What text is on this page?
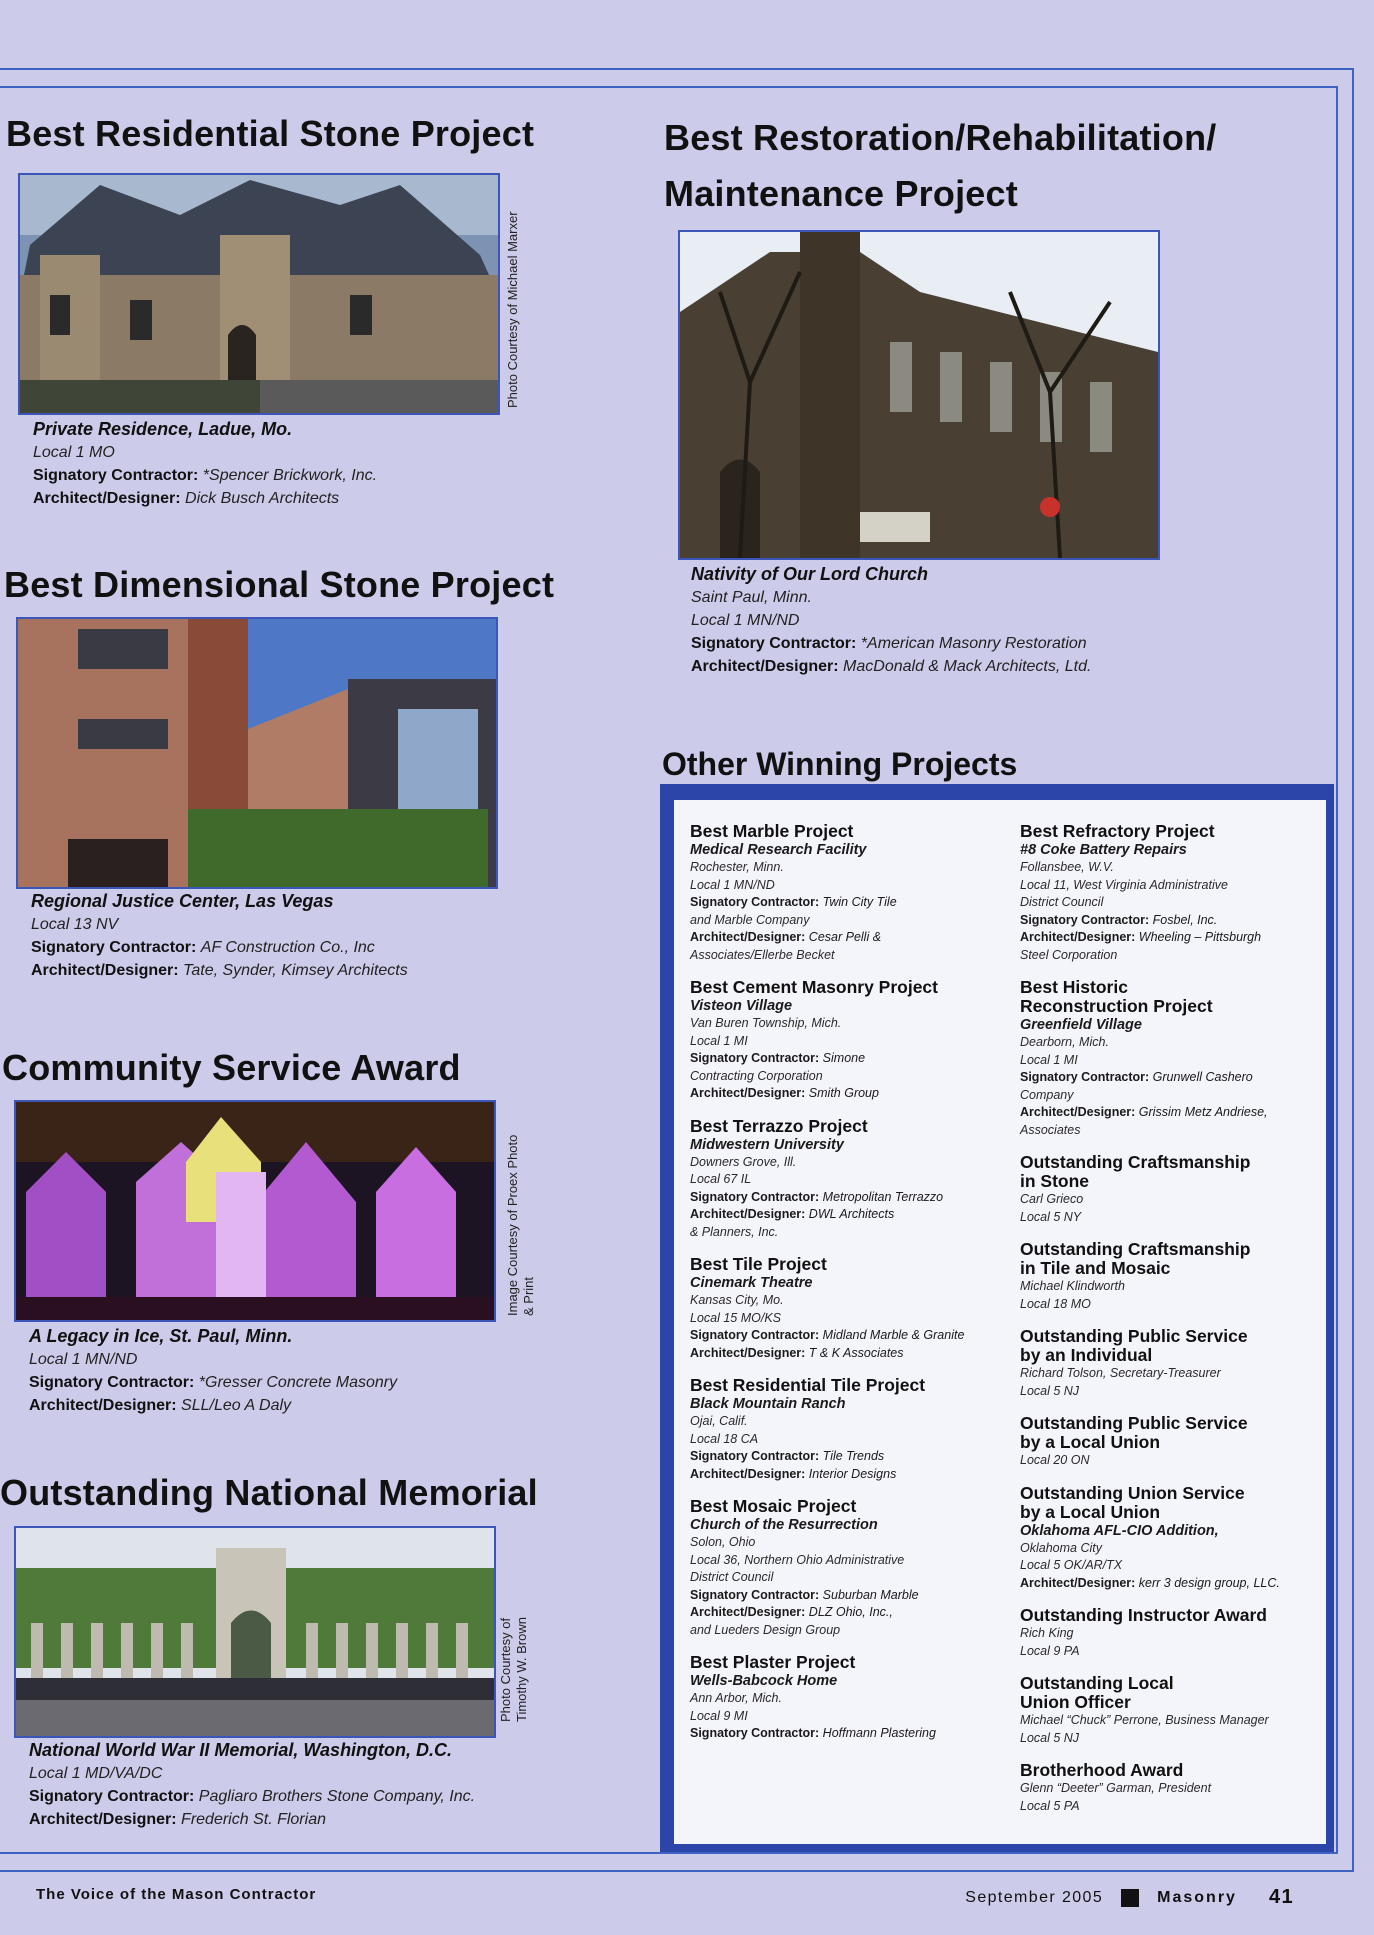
Best Residential Stone Project
Photo Courtesy of Michael Marxer
Private Residence, Ladue, Mo.
Local 1 MO
Signatory Contractor: *Spencer Brickwork, Inc.
Architect/Designer: Dick Busch Architects
Best Dimensional Stone Project
Regional Justice Center, Las Vegas
Local 13 NV
Signatory Contractor: AF Construction Co., Inc
Architect/Designer: Tate, Synder, Kimsey Architects
Community Service Award
Image Courtesy of Proex Photo & Print
A Legacy in Ice, St. Paul, Minn.
Local 1 MN/ND
Signatory Contractor: *Gresser Concrete Masonry
Architect/Designer: SLL/Leo A Daly
Outstanding National Memorial
Photo Courtesy of Timothy W. Brown
National World War II Memorial, Washington, D.C.
Local 1 MD/VA/DC
Signatory Contractor: Pagliaro Brothers Stone Company, Inc.
Architect/Designer: Frederich St. Florian
Best Restoration/Rehabilitation/
Maintenance Project
Nativity of Our Lord Church
Saint Paul, Minn.
Local 1 MN/ND
Signatory Contractor: *American Masonry Restoration
Architect/Designer: MacDonald & Mack Architects, Ltd.
Other Winning Projects
Best Marble Project
Medical Research Facility
Rochester, Minn.
Local 1 MN/ND
Signatory Contractor: Twin City Tile
and Marble Company
Architect/Designer: Cesar Pelli &
Associates/Ellerbe Becket
Best Cement Masonry Project
Visteon Village
Van Buren Township, Mich.
Local 1 MI
Signatory Contractor: Simone
Contracting Corporation
Architect/Designer: Smith Group
Best Terrazzo Project
Midwestern University
Downers Grove, Ill.
Local 67 IL
Signatory Contractor: Metropolitan Terrazzo
Architect/Designer: DWL Architects
& Planners, Inc.
Best Tile Project
Cinemark Theatre
Kansas City, Mo.
Local 15 MO/KS
Signatory Contractor: Midland Marble & Granite
Architect/Designer: T & K Associates
Best Residential Tile Project
Black Mountain Ranch
Ojai, Calif.
Local 18 CA
Signatory Contractor: Tile Trends
Architect/Designer: Interior Designs
Best Mosaic Project
Church of the Resurrection
Solon, Ohio
Local 36, Northern Ohio Administrative
District Council
Signatory Contractor: Suburban Marble
Architect/Designer: DLZ Ohio, Inc.,
and Lueders Design Group
Best Plaster Project
Wells-Babcock Home
Ann Arbor, Mich.
Local 9 MI
Signatory Contractor: Hoffmann Plastering
Best Refractory Project
#8 Coke Battery Repairs
Follansbee, W.V.
Local 11, West Virginia Administrative
District Council
Signatory Contractor: Fosbel, Inc.
Architect/Designer: Wheeling – Pittsburgh
Steel Corporation
Best Historic
Reconstruction Project
Greenfield Village
Dearborn, Mich.
Local 1 MI
Signatory Contractor: Grunwell Cashero
Company
Architect/Designer: Grissim Metz Andriese,
Associates
Outstanding Craftsmanship
in Stone
Carl Grieco
Local 5 NY
Outstanding Craftsmanship
in Tile and Mosaic
Michael Klindworth
Local 18 MO
Outstanding Public Service
by an Individual
Richard Tolson, Secretary-Treasurer
Local 5 NJ
Outstanding Public Service
by a Local Union
Local 20 ON
Outstanding Union Service
by a Local Union
Oklahoma AFL-CIO Addition,
Oklahoma City
Local 5 OK/AR/TX
Architect/Designer: kerr 3 design group, LLC.
Outstanding Instructor Award
Rich King
Local 9 PA
Outstanding Local
Union Officer
Michael “Chuck” Perrone, Business Manager
Local 5 NJ
Brotherhood Award
Glenn “Deeter” Garman, President
Local 5 PA
The Voice of the Mason Contractor	September 2005	Masonry 41
